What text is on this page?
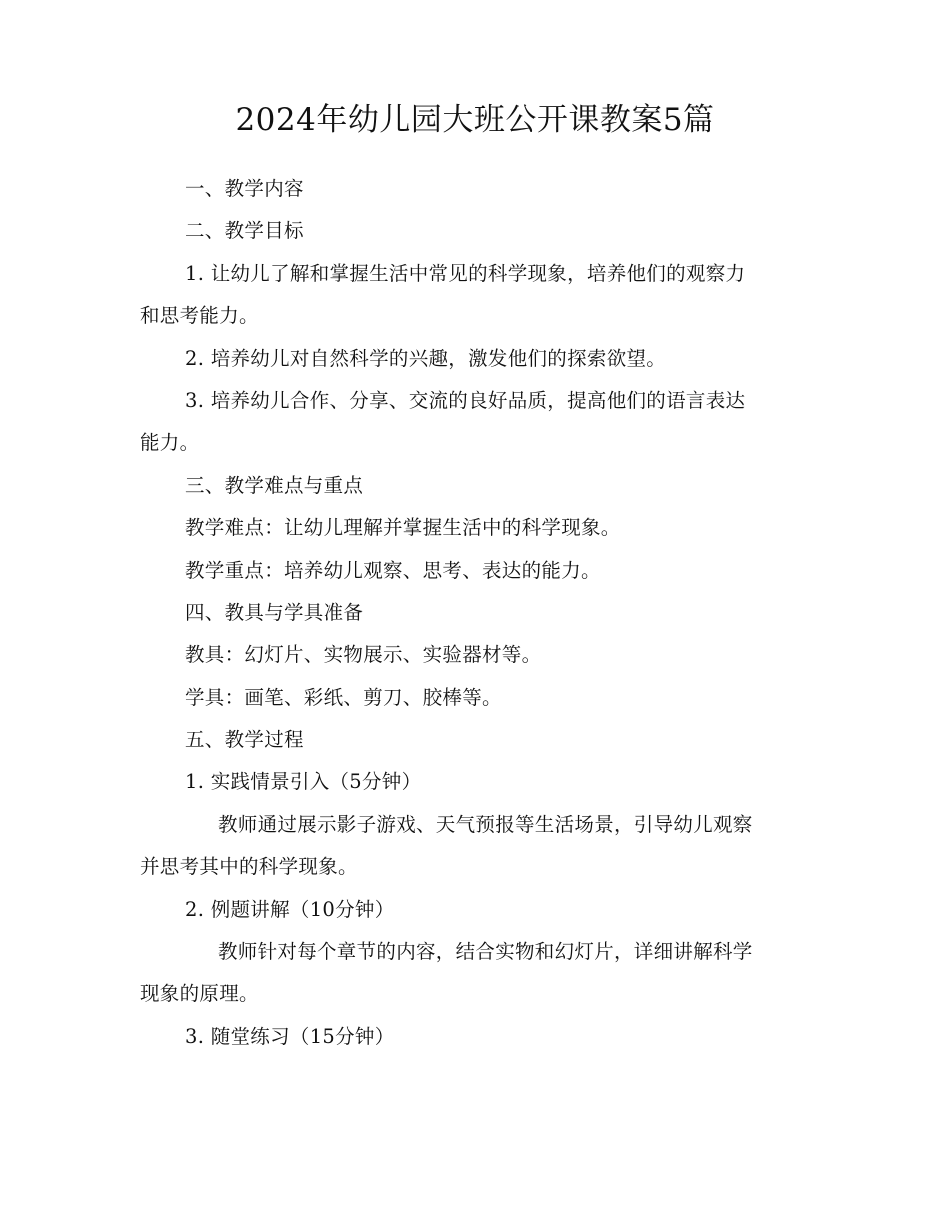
2024年幼儿园大班公开课教案5篇

一、教学内容

二、教学目标

1. 让幼儿了解和掌握生活中常见的科学现象，培养他们的观察力

和思考能力。

2. 培养幼儿对自然科学的兴趣，激发他们的探索欲望。

3. 培养幼儿合作、分享、交流的良好品质，提高他们的语言表达

能力。

三、教学难点与重点

教学难点：让幼儿理解并掌握生活中的科学现象。

教学重点：培养幼儿观察、思考、表达的能力。

四、教具与学具准备

教具：幻灯片、实物展示、实验器材等。

学具：画笔、彩纸、剪刀、胶棒等。

五、教学过程

1. 实践情景引入（5分钟）

教师通过展示影子游戏、天气预报等生活场景，引导幼儿观察

并思考其中的科学现象。

2. 例题讲解（10分钟）

教师针对每个章节的内容，结合实物和幻灯片，详细讲解科学

现象的原理。

3. 随堂练习（15分钟）
